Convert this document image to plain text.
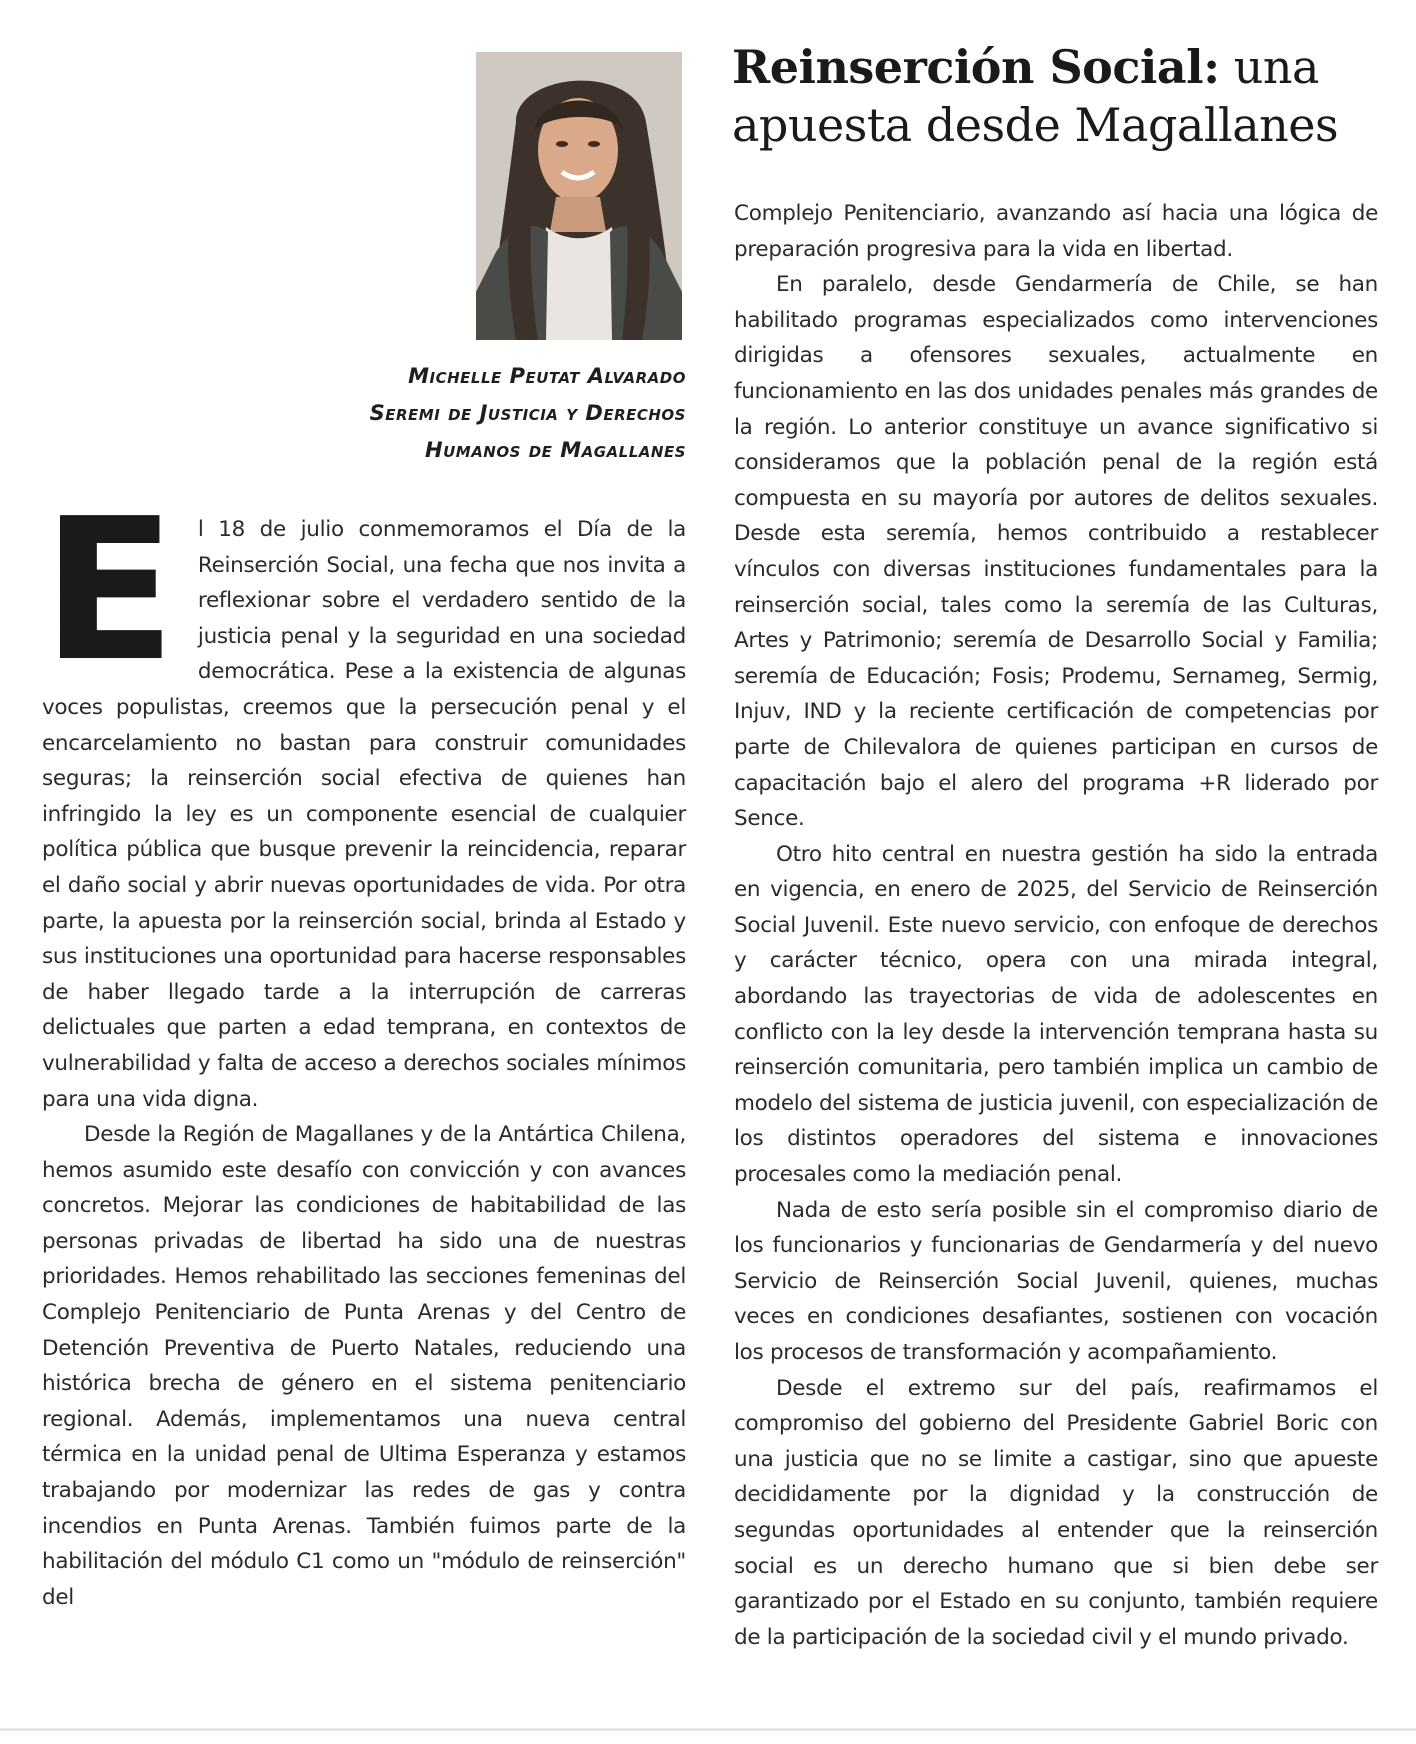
Michelle Peutat Alvarado
Seremi de Justicia y Derechos
Humanos de Magallanes
Reinserción Social: una apuesta desde Magallanes

E l 18 de julio conmemoramos el Día de la Reinserción Social, una fecha que nos invita a reflexionar sobre el verdadero sentido de la justicia penal y la seguridad en una sociedad democrática. Pese a la existencia de algunas voces populistas, creemos que la persecución penal y el encarcelamiento no bastan para construir comunidades seguras; la reinserción social efectiva de quienes han infringido la ley es un componente esencial de cualquier política pública que busque prevenir la reincidencia, reparar el daño social y abrir nuevas oportunidades de vida. Por otra parte, la apuesta por la reinserción social, brinda al Estado y sus instituciones una oportunidad para hacerse responsables de haber llegado tarde a la interrupción de carreras delictuales que parten a edad temprana, en contextos de vulnerabilidad y falta de acceso a derechos sociales mínimos para una vida digna.

Desde la Región de Magallanes y de la Antártica Chilena, hemos asumido este desafío con convicción y con avances concretos. Mejorar las condiciones de habitabilidad de las personas privadas de libertad ha sido una de nuestras prioridades. Hemos rehabilitado las secciones femeninas del Complejo Penitenciario de Punta Arenas y del Centro de Detención Preventiva de Puerto Natales, reduciendo una histórica brecha de género en el sistema penitenciario regional. Además, implementamos una nueva central térmica en la unidad penal de Ultima Esperanza y estamos trabajando por modernizar las redes de gas y contra incendios en Punta Arenas. También fuimos parte de la habilitación del módulo C1 como un "módulo de reinserción" del

Complejo Penitenciario, avanzando así hacia una lógica de preparación progresiva para la vida en libertad.

En paralelo, desde Gendarmería de Chile, se han habilitado programas especializados como intervenciones dirigidas a ofensores sexuales, actualmente en funcionamiento en las dos unidades penales más grandes de la región. Lo anterior constituye un avance significativo si consideramos que la población penal de la región está compuesta en su mayoría por autores de delitos sexuales. Desde esta seremía, hemos contribuido a restablecer vínculos con diversas instituciones fundamentales para la reinserción social, tales como la seremía de las Culturas, Artes y Patrimonio; seremía de Desarrollo Social y Familia; seremía de Educación; Fosis; Prodemu, Sernameg, Sermig, Injuv, IND y la reciente certificación de competencias por parte de Chilevalora de quienes participan en cursos de capacitación bajo el alero del programa +R liderado por Sence.

Otro hito central en nuestra gestión ha sido la entrada en vigencia, en enero de 2025, del Servicio de Reinserción Social Juvenil. Este nuevo servicio, con enfoque de derechos y carácter técnico, opera con una mirada integral, abordando las trayectorias de vida de adolescentes en conflicto con la ley desde la intervención temprana hasta su reinserción comunitaria, pero también implica un cambio de modelo del sistema de justicia juvenil, con especialización de los distintos operadores del sistema e innovaciones procesales como la mediación penal.

Nada de esto sería posible sin el compromiso diario de los funcionarios y funcionarias de Gendarmería y del nuevo Servicio de Reinserción Social Juvenil, quienes, muchas veces en condiciones desafiantes, sostienen con vocación los procesos de transformación y acompañamiento.

Desde el extremo sur del país, reafirmamos el compromiso del gobierno del Presidente Gabriel Boric con una justicia que no se limite a castigar, sino que apueste decididamente por la dignidad y la construcción de segundas oportunidades al entender que la reinserción social es un derecho humano que si bien debe ser garantizado por el Estado en su conjunto, también requiere de la participación de la sociedad civil y el mundo privado.
